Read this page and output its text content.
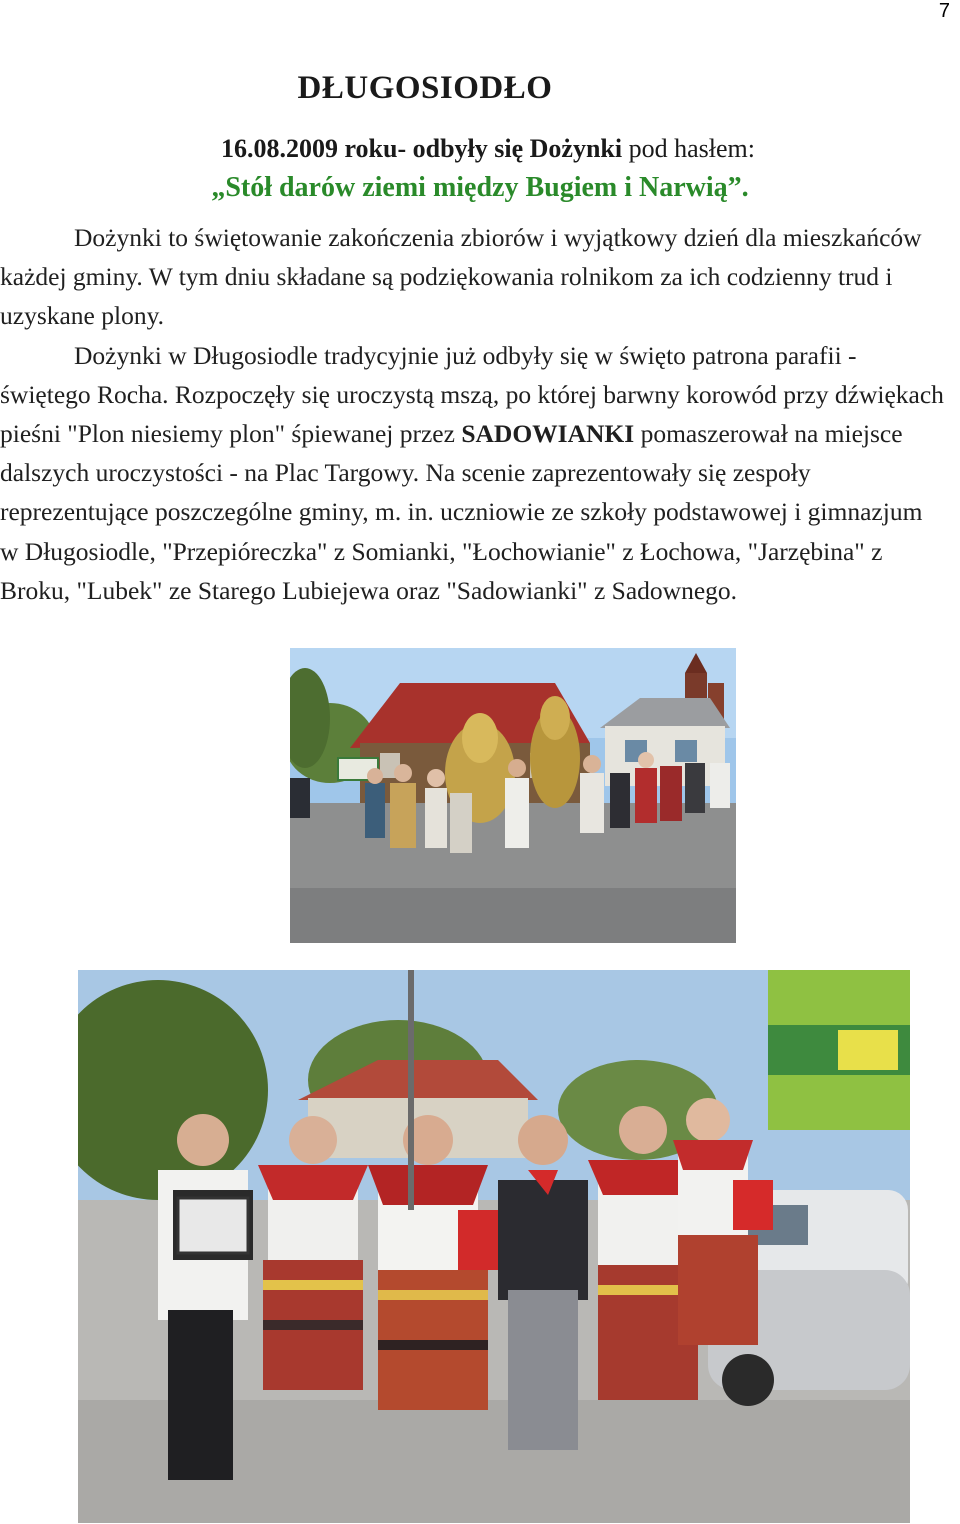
7
DŁUGOSIODŁO
16.08.2009 roku- odbyły się Dożynki pod hasłem:
„Stół darów ziemi między Bugiem i Narwią”.

Dożynki to świętowanie zakończenia zbiorów i wyjątkowy dzień dla mieszkańców każdej gminy. W tym dniu składane są podziękowania rolnikom za ich codzienny trud i uzyskane plony.

Dożynki w Długosiodle tradycyjnie już odbyły się w święto patrona parafii - świętego Rocha. Rozpoczęły się uroczystą mszą, po której barwny korowód przy dźwiękach pieśni "Plon niesiemy plon" śpiewanej przez SADOWIANKI pomaszerował na miejsce dalszych uroczystości - na Plac Targowy. Na scenie zaprezentowały się zespoły reprezentujące poszczególne gminy, m. in. uczniowie ze szkoły podstawowej i gimnazjum w Długosiodle, "Przepióreczka" z Somianki, "Łochowianie" z Łochowa, "Jarzębina" z Broku, "Lubek" ze Starego Lubiejewa oraz "Sadowianki" z Sadownego.
